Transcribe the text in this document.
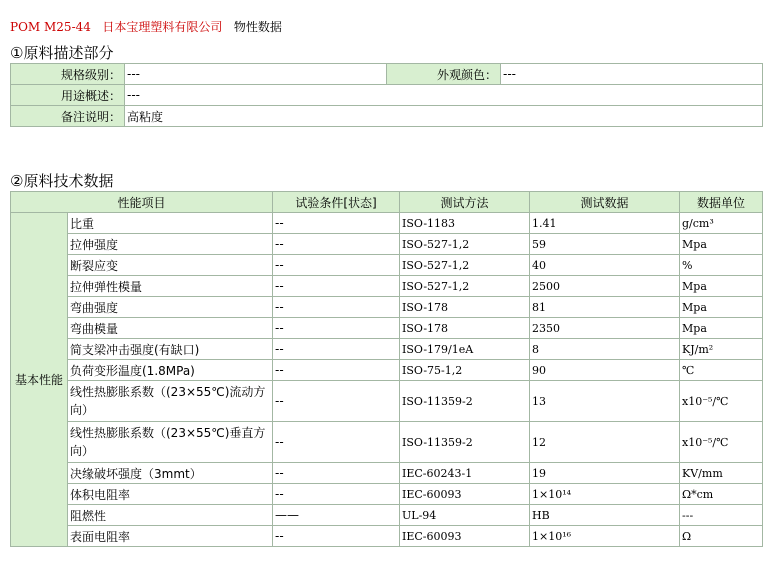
POM M25-44 日本宝理塑料有限公司 物性数据
①原料描述部分
规格级别：	---	外观颜色：	---
用途概述：	---		
备注说明：	高粘度		
②原料技术数据
性能项目		试验条件[状态]	测试方法	测试数据	数据单位
基本性能	比重	--	ISO-1183	1.41	g/cm³
	拉伸强度	--	ISO-527-1,2	59	Mpa
	断裂应变	--	ISO-527-1,2	40	%
	拉伸弹性模量	--	ISO-527-1,2	2500	Mpa
	弯曲强度	--	ISO-178	81	Mpa
	弯曲模量	--	ISO-178	2350	Mpa
	简支梁冲击强度(有缺口)	--	ISO-179/1eA	8	KJ/m²
	负荷变形温度(1.8MPa)	--	ISO-75-1,2	90	℃
	线性热膨胀系数（(23×55℃)流动方向）	--	ISO-11359-2	13	x10⁻⁵/℃
	线性热膨胀系数（(23×55℃)垂直方向）	--	ISO-11359-2	12	x10⁻⁵/℃
	决缘破坏强度（3mmt）	--	IEC-60243-1	19	KV/mm
	体积电阻率	--	IEC-60093	1×10¹⁴	Ω*cm
	阻燃性	——	UL-94	HB	---
	表面电阻率	--	IEC-60093	1×10¹⁶	Ω
